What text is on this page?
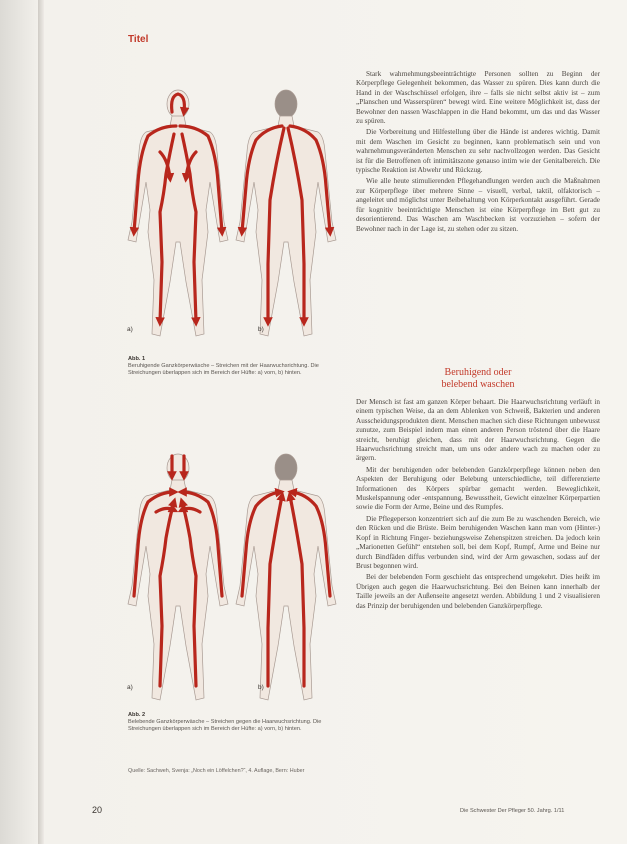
Titel
a)	b)
Abb. 1
Beruhigende Ganzkörperwäsche – Streichen mit der Haarwuchsrichtung. Die Streichungen überlappen sich im Bereich der Hüfte: a) vorn, b) hinten.
a)	b)
Abb. 2
Belebende Ganzkörperwäsche – Streichen gegen die Haarwuchsrichtung. Die Streichungen überlappen sich im Bereich der Hüfte: a) vorn, b) hinten.
Quelle: Sachweh, Svenja: „Noch ein Löffelchen?“, 4. Auflage, Bern: Huber

Stark wahrnehmungsbeeinträchtigte Personen sollten zu Beginn der Körperpflege Gelegenheit bekommen, das Wasser zu spüren. Dies kann durch die Hand in der Waschschüssel erfolgen, ihre – falls sie nicht selbst aktiv ist – zum „Planschen und Wasserspüren“ bewegt wird. Eine weitere Möglichkeit ist, dass der Bewohner den nassen Waschlappen in die Hand bekommt, um das und das Wasser zu spüren.

Die Vorbereitung und Hilfestellung über die Hände ist anderes wichtig. Damit mit dem Waschen im Gesicht zu beginnen, kann problematisch sein und von wahrnehmungsveränderten Menschen zu sehr nachvollzogen werden. Das Gesicht ist für die Betroffenen oft intimitätszone genauso intim wie der Genitalbereich. Die typische Reaktion ist Abwehr und Rückzug.

Wie alle heute stimulierenden Pflegehandlungen werden auch die Maßnahmen zur Körperpflege über mehrere Sinne – visuell, verbal, taktil, olfaktorisch – angeleitet und möglichst unter Beibehaltung von Körperkontakt ausgeführt. Gerade für kognitiv beeinträchtigte Menschen ist eine Körperpflege im Bett gut zu desorientierend. Das Waschen am Waschbecken ist vorzuziehen – sofern der Bewohner nach in der Lage ist, zu stehen oder zu sitzen.

Beruhigend oder
belebend waschen

Der Mensch ist fast am ganzen Körper behaart. Die Haarwuchsrichtung verläuft in einem typischen Weise, da an dem Ablenken von Schweiß, Bakterien und anderen Ausscheidungsprodukten dient. Menschen machen sich diese Richtungen unbewusst zunutze, zum Beispiel indem man einen anderen Person tröstend über die Haare streicht, beruhigt gleichen, dass mit der Haarwuchsrichtung. Gegen die Haarwuchsrichtung streicht man, um uns oder andere wach zu machen oder zu ärgern.

Mit der beruhigenden oder belebenden Ganzkörperpflege können neben den Aspekten der Beruhigung oder Belebung unterschiedliche, teil differenzierte Informationen des Körpers spürbar gemacht werden. Beweglichkeit, Muskelspannung oder -entspannung, Bewusstheit, Gewicht einzelner Körperpartien sowie die Form der Arme, Beine und des Rumpfes.

Die Pflegeperson konzentriert sich auf die zum Be zu waschenden Bereich, wie den Rücken und die Brüste. Beim beruhigenden Waschen kann man vom (Hinter-) Kopf in Richtung Finger- beziehungsweise Zehenspitzen streichen. Da jedoch kein „Marionetten Gefühl“ entstehen soll, bei dem Kopf, Rumpf, Arme und Beine nur durch Bindfäden diffus verbunden sind, wird der Arm gewaschen, sodass auf der Brust begonnen wird.

Bei der belebenden Form geschieht das entsprechend umgekehrt. Dies heißt im Übrigen auch gegen die Haarwuchsrichtung. Bei den Beinen kann innerhalb der Taille jeweils an der Außenseite angesetzt werden. Abbildung 1 und 2 visualisieren das Prinzip der beruhigenden und belebenden Ganzkörperpflege.

20	Die Schwester Der Pfleger 50. Jahrg. 1/11
